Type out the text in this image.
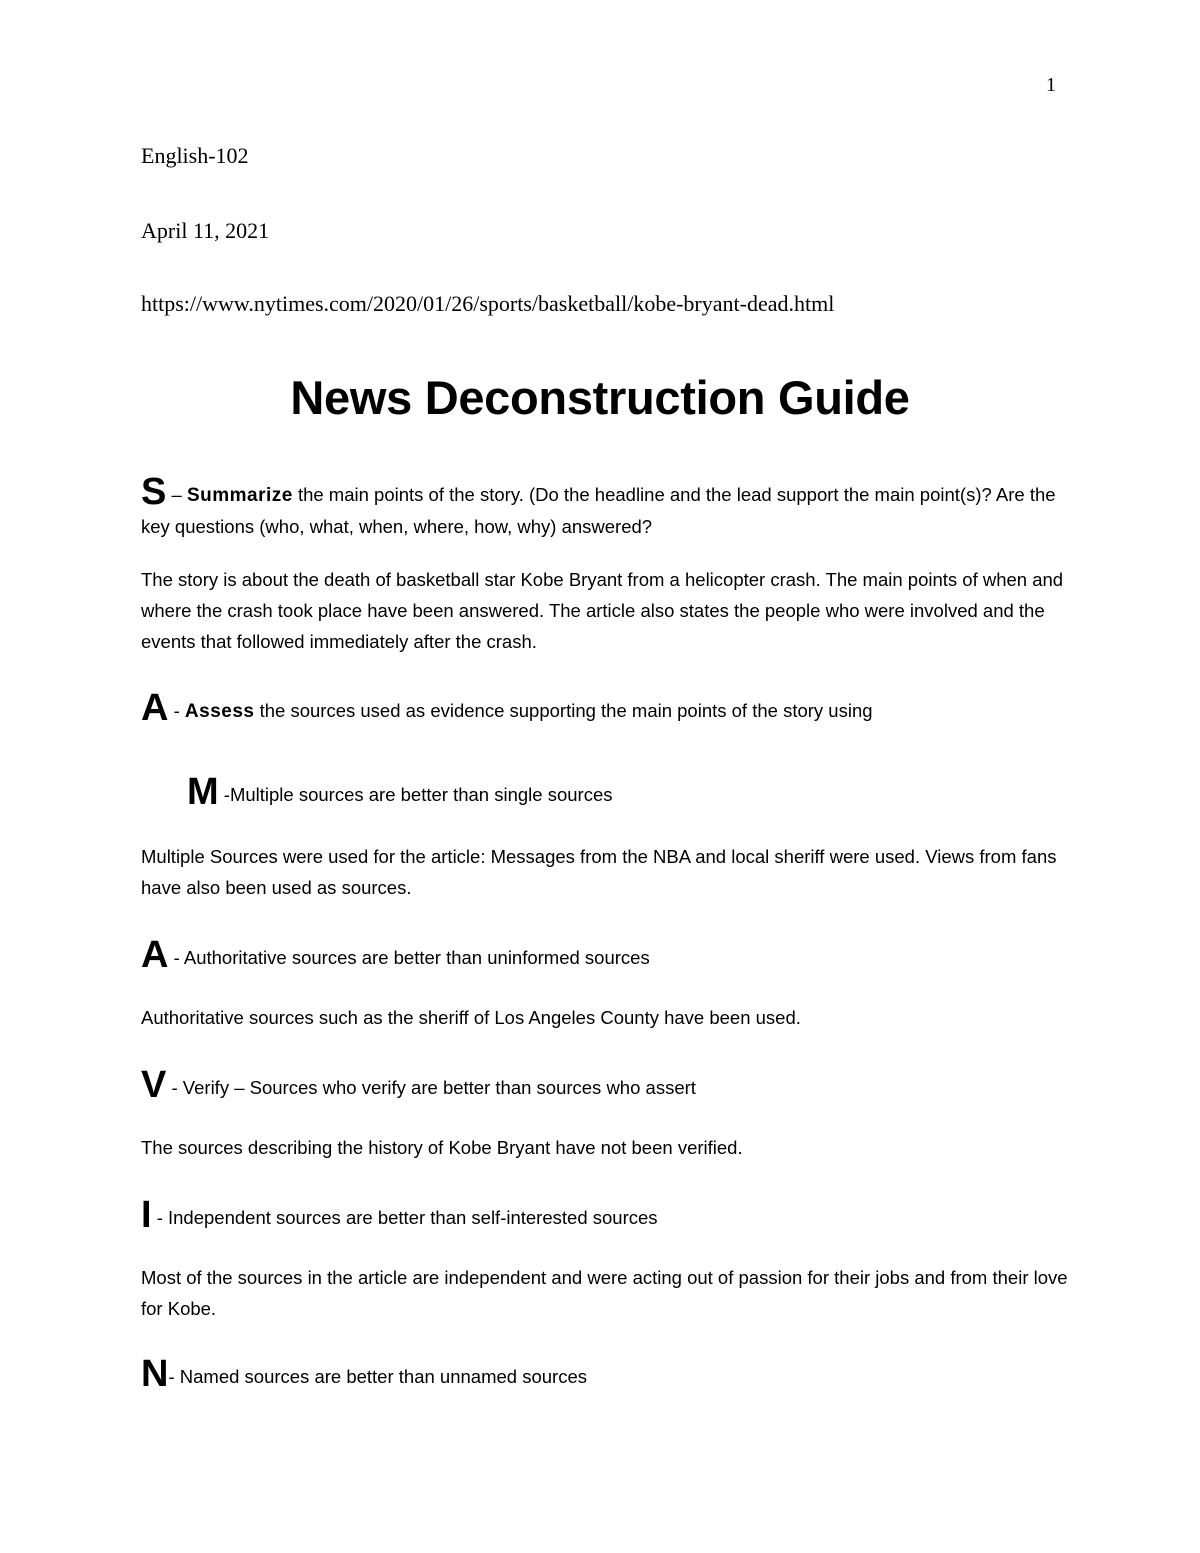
1
English-102
April 11, 2021
https://www.nytimes.com/2020/01/26/sports/basketball/kobe-bryant-dead.html
News Deconstruction Guide
S – Summarize the main points of the story. (Do the headline and the lead support the main point(s)? Are the key questions (who, what, when, where, how, why) answered?
The story is about the death of basketball star Kobe Bryant from a helicopter crash. The main points of when and where the crash took place have been answered. The article also states the people who were involved and the events that followed immediately after the crash.
A - Assess the sources used as evidence supporting the main points of the story using
M -Multiple sources are better than single sources
Multiple Sources were used for the article: Messages from the NBA and local sheriff were used. Views from fans have also been used as sources.
A - Authoritative sources are better than uninformed sources
Authoritative sources such as the sheriff of Los Angeles County have been used.
V - Verify – Sources who verify are better than sources who assert
The sources describing the history of Kobe Bryant have not been verified.
I - Independent sources are better than self-interested sources
Most of the sources in the article are independent and were acting out of passion for their jobs and from their love for Kobe.
N- Named sources are better than unnamed sources
